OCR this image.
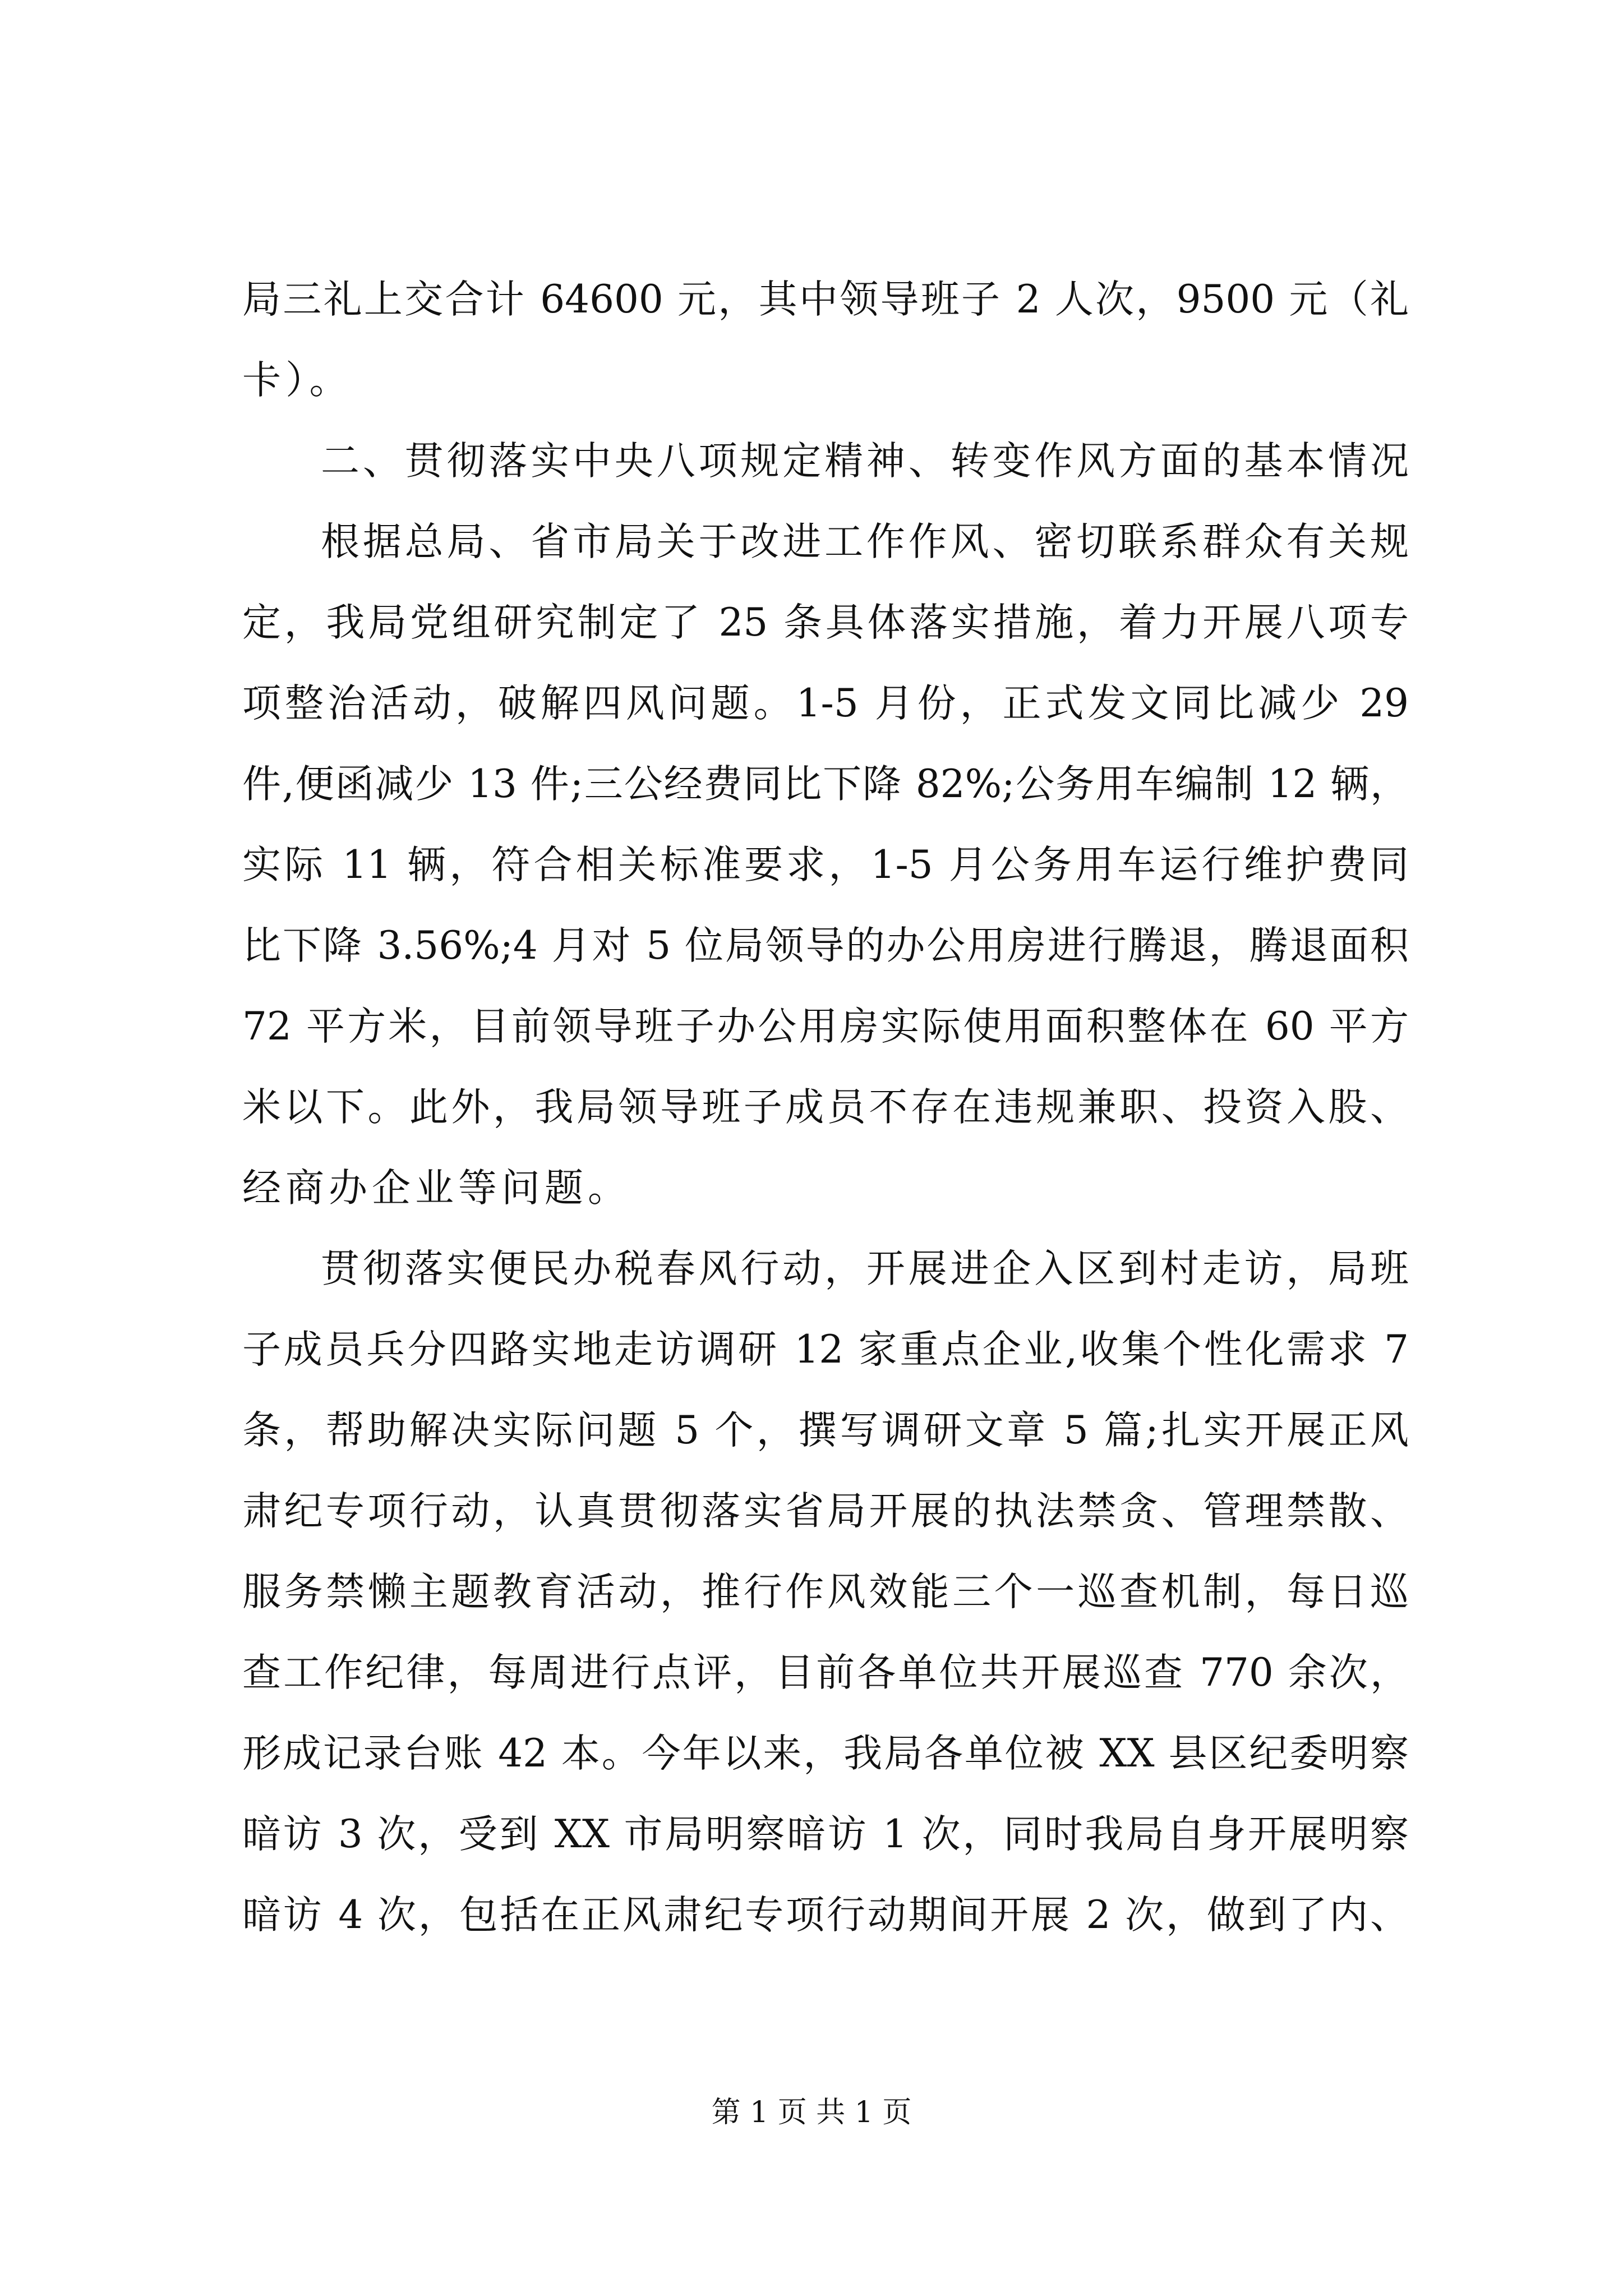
局三礼上交合计 64600 元，其中领导班子 2 人次，9500 元（礼
卡）。
二、贯彻落实中央八项规定精神、转变作风方面的基本情况
根据总局、省市局关于改进工作作风、密切联系群众有关规
定，我局党组研究制定了 25 条具体落实措施，着力开展八项专
项整治活动，破解四风问题。1-5 月份，正式发文同比减少 29
件,便函减少 13 件;三公经费同比下降 82%;公务用车编制 12 辆，
实际 11 辆，符合相关标准要求，1-5 月公务用车运行维护费同
比下降 3.56%;4 月对 5 位局领导的办公用房进行腾退，腾退面积
72 平方米，目前领导班子办公用房实际使用面积整体在 60 平方
米以下。此外，我局领导班子成员不存在违规兼职、投资入股、
经商办企业等问题。
贯彻落实便民办税春风行动，开展进企入区到村走访，局班
子成员兵分四路实地走访调研 12 家重点企业,收集个性化需求 7
条，帮助解决实际问题 5 个，撰写调研文章 5 篇;扎实开展正风
肃纪专项行动，认真贯彻落实省局开展的执法禁贪、管理禁散、
服务禁懒主题教育活动，推行作风效能三个一巡查机制，每日巡
查工作纪律，每周进行点评，目前各单位共开展巡查 770 余次，
形成记录台账 42 本。今年以来，我局各单位被 XX 县区纪委明察
暗访 3 次，受到 XX 市局明察暗访 1 次，同时我局自身开展明察
暗访 4 次，包括在正风肃纪专项行动期间开展 2 次，做到了内、
第 1 页 共 1 页
